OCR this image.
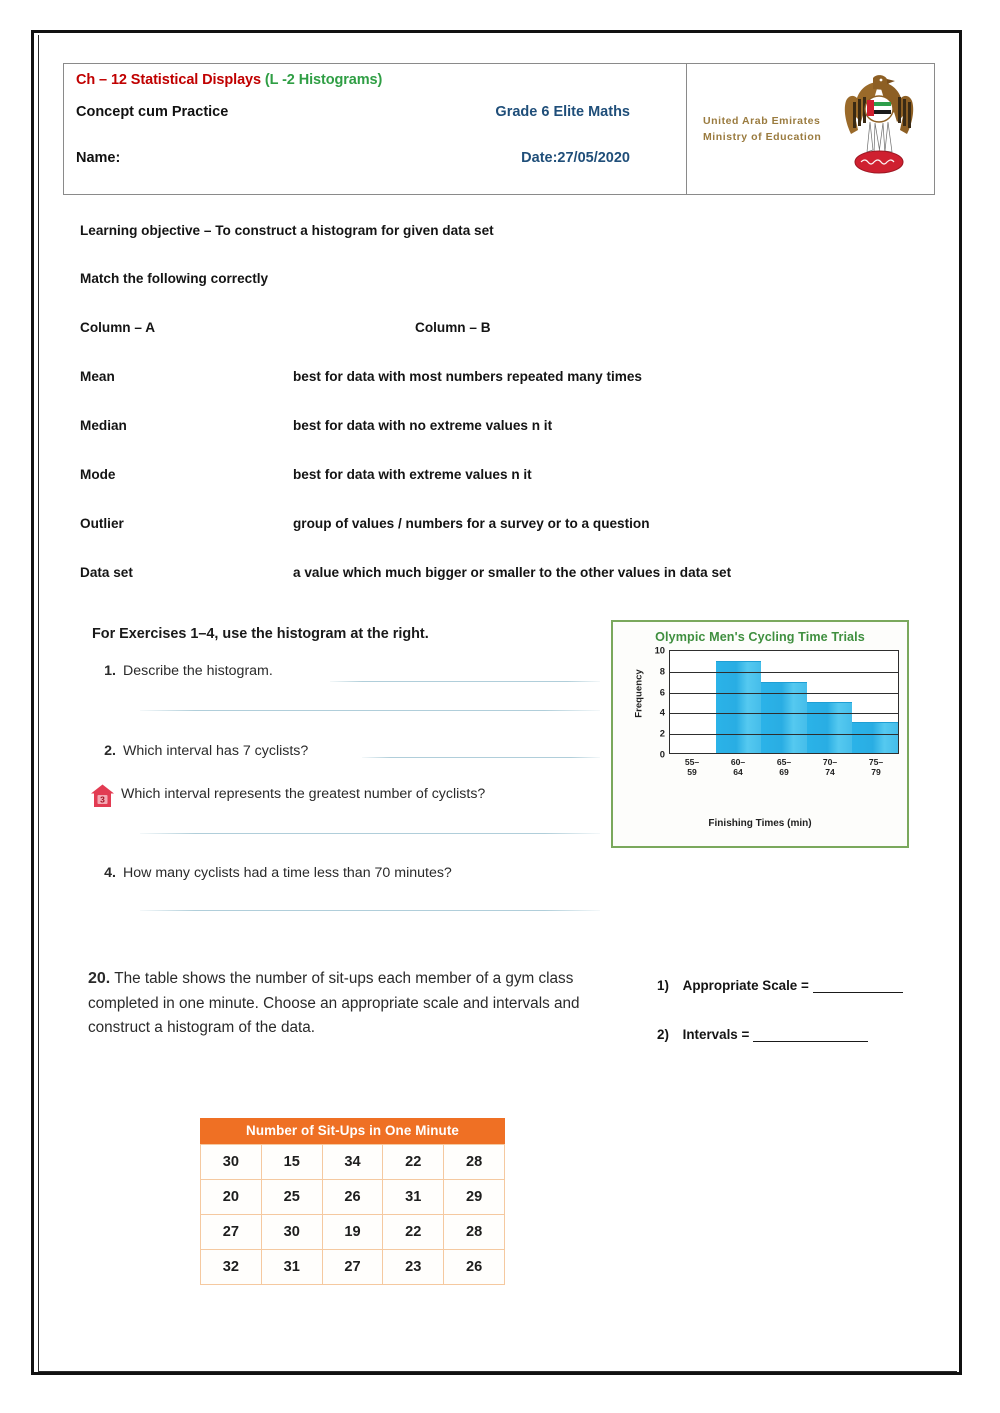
Ch – 12 Statistical Displays (L -2 Histograms)
Concept cum Practice	Grade 6 Elite Maths
Name:	Date:27/05/2020
United Arab Emirates
Ministry of Education
Learning objective – To construct a histogram for given data set
Match the following correctly
Column – A	Column – B
Mean	best for data with most numbers repeated many times
Median	best for data with no extreme values n it
Mode	best for data with extreme values n it
Outlier	group of values / numbers for a survey or to a question
Data set	a value which much bigger or smaller to the other values in data set
For Exercises 1–4, use the histogram at the right.
1. Describe the histogram.
2. Which interval has 7 cyclists?
3 Which interval represents the greatest number of cyclists?
4. How many cyclists had a time less than 70 minutes?
Olympic Men's Cycling Time Trials
Frequency
10
8
6
4
2
0
55–
59
60–
64
65–
69
70–
74
75–
79
Finishing Times (min)
20. The table shows the number of sit-ups each member of a gym class completed in one minute. Choose an appropriate scale and intervals and construct a histogram of the data.
1) Appropriate Scale =
2) Intervals =
Number of Sit-Ups in One Minute
30	15	34	22	28
20	25	26	31	29
27	30	19	22	28
32	31	27	23	26
